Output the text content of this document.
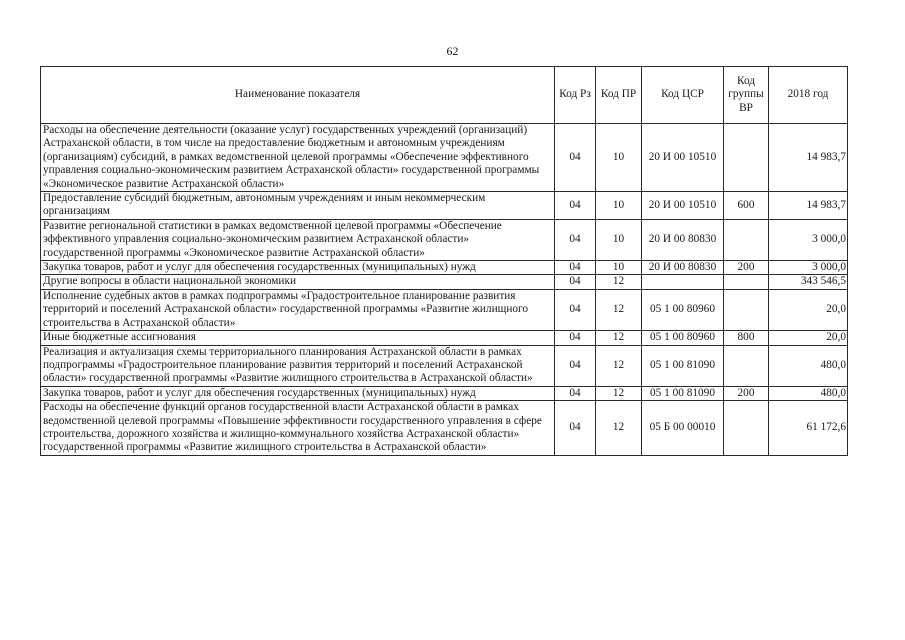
62
Наименование показателя	Код Рз	Код ПР	Код ЦСР	Код группы ВР	2018 год
Расходы на обеспечение деятельности (оказание услуг) государственных учреждений (организаций) Астраханской области, в том числе на предоставление бюджетным и автономным учреждениям (организациям) субсидий, в рамках ведомственной целевой программы «Обеспечение эффективного управления социально-экономическим развитием Астраханской области» государственной программы «Экономическое развитие Астраханской области»	04	10	20 И 00 10510		14 983,7
Предоставление субсидий бюджетным, автономным учреждениям и иным некоммерческим организациям	04	10	20 И 00 10510	600	14 983,7
Развитие региональной статистики в рамках ведомственной целевой программы «Обеспечение эффективного управления социально-экономическим развитием Астраханской области» государственной программы «Экономическое развитие Астраханской области»	04	10	20 И 00 80830		3 000,0
Закупка товаров, работ и услуг для обеспечения государственных (муниципальных) нужд	04	10	20 И 00 80830	200	3 000,0
Другие вопросы в области национальной экономики	04	12			343 546,5
Исполнение судебных актов в рамках подпрограммы «Градостроительное планирование развития территорий и поселений Астраханской области» государственной программы «Развитие жилищного строительства в Астраханской области»	04	12	05 1 00 80960		20,0
Иные бюджетные ассигнования	04	12	05 1 00 80960	800	20,0
Реализация и актуализация схемы территориального планирования Астраханской области в рамках подпрограммы «Градостроительное планирование развития территорий и поселений Астраханской области» государственной программы «Развитие жилищного строительства в Астраханской области»	04	12	05 1 00 81090		480,0
Закупка товаров, работ и услуг для обеспечения государственных (муниципальных) нужд	04	12	05 1 00 81090	200	480,0
Расходы на обеспечение функций органов государственной власти Астраханской области в рамках ведомственной целевой программы «Повышение эффективности государственного управления в сфере строительства, дорожного хозяйства и жилищно-коммунального хозяйства Астраханской области» государственной программы «Развитие жилищного строительства в Астраханской области»	04	12	05 Б 00 00010		61 172,6
